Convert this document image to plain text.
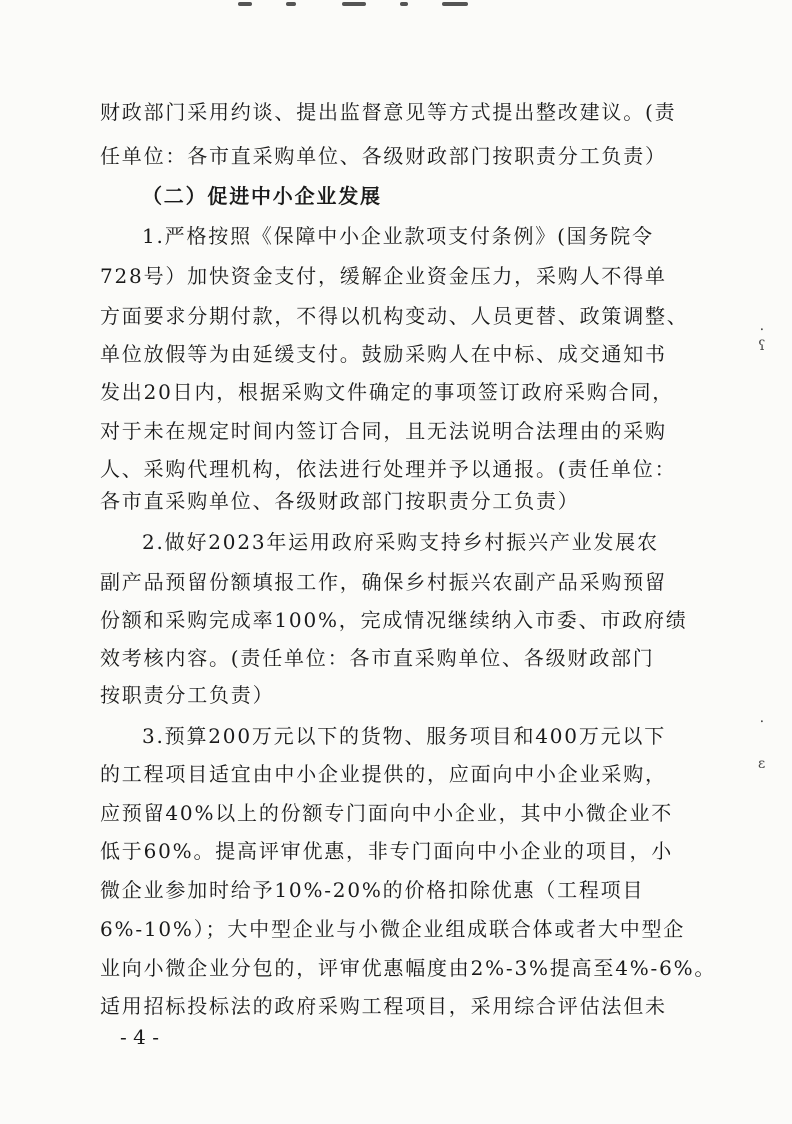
财政部门采用约谈、提出监督意见等方式提出整改建议。(责
任单位：各市直采购单位、各级财政部门按职责分工负责）
（二）促进中小企业发展
1.严格按照《保障中小企业款项支付条例》(国务院令
728号）加快资金支付，缓解企业资金压力，采购人不得单
方面要求分期付款，不得以机构变动、人员更替、政策调整、
单位放假等为由延缓支付。鼓励采购人在中标、成交通知书
发出20日内，根据采购文件确定的事项签订政府采购合同，
对于未在规定时间内签订合同，且无法说明合法理由的采购
人、采购代理机构，依法进行处理并予以通报。(责任单位：
各市直采购单位、各级财政部门按职责分工负责）
2.做好2023年运用政府采购支持乡村振兴产业发展农
副产品预留份额填报工作，确保乡村振兴农副产品采购预留
份额和采购完成率100%，完成情况继续纳入市委、市政府绩
效考核内容。(责任单位：各市直采购单位、各级财政部门
按职责分工负责）
3.预算200万元以下的货物、服务项目和400万元以下
的工程项目适宜由中小企业提供的，应面向中小企业采购，
应预留40%以上的份额专门面向中小企业，其中小微企业不
低于60%。提高评审优惠，非专门面向中小企业的项目，小
微企业参加时给予10%-20%的价格扣除优惠（工程项目
6%-10%）；大中型企业与小微企业组成联合体或者大中型企
业向小微企业分包的，评审优惠幅度由2%-3%提高至4%-6%。
适用招标投标法的政府采购工程项目，采用综合评估法但未
- 4 -
⸱
ʕ
⸱
ɛ
